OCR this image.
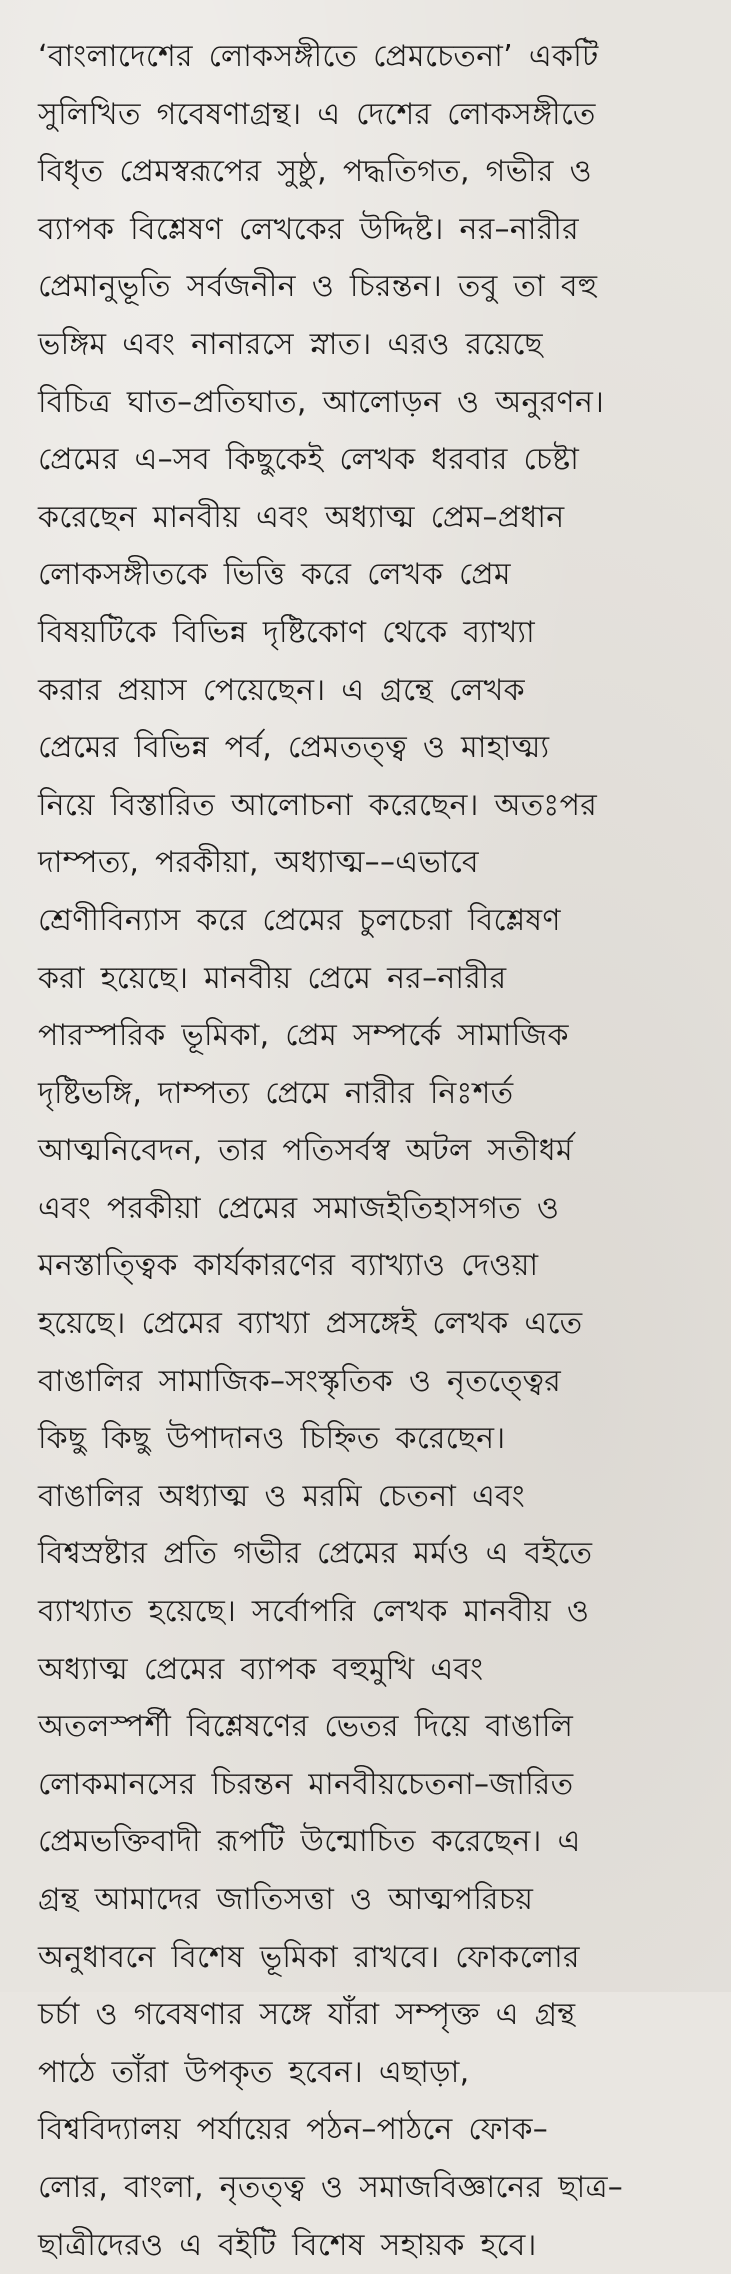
‘বাংলাদেশের লোকসঙ্গীতে প্রেমচেতনা’ একটি
সুলিখিত গবেষণাগ্রন্থ। এ দেশের লোকসঙ্গীতে
বিধৃত প্রেমস্বরূপের সুষ্ঠু, পদ্ধতিগত, গভীর ও
ব্যাপক বিশ্লেষণ লেখকের উদ্দিষ্ট। নর–নারীর
প্রেমানুভূতি সর্বজনীন ও চিরন্তন। তবু তা বহু
ভঙ্গিম এবং নানারসে স্নাত। এরও রয়েছে
বিচিত্র ঘাত–প্রতিঘাত, আলোড়ন ও অনুরণন।
প্রেমের এ–সব কিছুকেই লেখক ধরবার চেষ্টা
করেছেন মানবীয় এবং অধ্যাত্ম প্রেম–প্রধান
লোকসঙ্গীতকে ভিত্তি করে লেখক প্রেম
বিষয়টিকে বিভিন্ন দৃষ্টিকোণ থেকে ব্যাখ্যা
করার প্রয়াস পেয়েছেন। এ গ্রন্থে লেখক
প্রেমের বিভিন্ন পর্ব, প্রেমতত্ত্ব ও মাহাত্ম্য
নিয়ে বিস্তারিত আলোচনা করেছেন। অতঃপর
দাম্পত্য, পরকীয়া, অধ্যাত্ম––এভাবে
শ্রেণীবিন্যাস করে প্রেমের চুলচেরা বিশ্লেষণ
করা হয়েছে। মানবীয় প্রেমে নর–নারীর
পারস্পরিক ভূমিকা, প্রেম সম্পর্কে সামাজিক
দৃষ্টিভঙ্গি, দাম্পত্য প্রেমে নারীর নিঃশর্ত
আত্মনিবেদন, তার পতিসর্বস্ব অটল সতীধর্ম
এবং পরকীয়া প্রেমের সমাজইতিহাসগত ও
মনস্তাত্ত্বিক কার্যকারণের ব্যাখ্যাও দেওয়া
হয়েছে। প্রেমের ব্যাখ্যা প্রসঙ্গেই লেখক এতে
বাঙালির সামাজিক–সংস্কৃতিক ও নৃতত্ত্বের
কিছু কিছু উপাদানও চিহ্নিত করেছেন।
বাঙালির অধ্যাত্ম ও মরমি চেতনা এবং
বিশ্বস্রষ্টার প্রতি গভীর প্রেমের মর্মও এ বইতে
ব্যাখ্যাত হয়েছে। সর্বোপরি লেখক মানবীয় ও
অধ্যাত্ম প্রেমের ব্যাপক বহুমুখি এবং
অতলস্পর্শী বিশ্লেষণের ভেতর দিয়ে বাঙালি
লোকমানসের চিরন্তন মানবীয়চেতনা–জারিত
প্রেমভক্তিবাদী রূপটি উন্মোচিত করেছেন। এ
গ্রন্থ আমাদের জাতিসত্তা ও আত্মপরিচয়
অনুধাবনে বিশেষ ভূমিকা রাখবে। ফোকলোর
চর্চা ও গবেষণার সঙ্গে যাঁরা সম্পৃক্ত এ গ্রন্থ
পাঠে তাঁরা উপকৃত হবেন। এছাড়া,
বিশ্ববিদ্যালয় পর্যায়ের পঠন–পাঠনে ফোক–
লোর, বাংলা, নৃতত্ত্ব ও সমাজবিজ্ঞানের ছাত্র–
ছাত্রীদেরও এ বইটি বিশেষ সহায়ক হবে।
